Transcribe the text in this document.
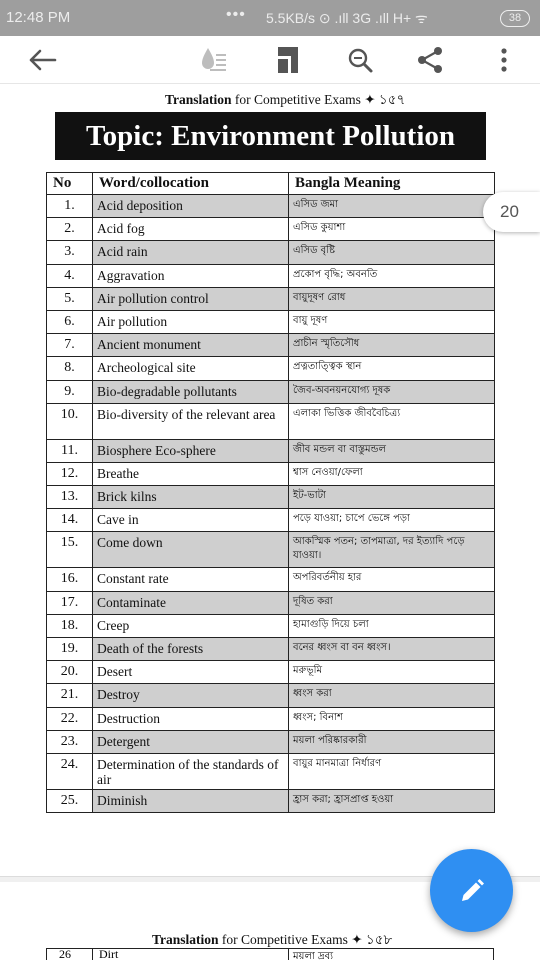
12:48 PM	••• 5.5KB/s ⊙ .ıll 3G .ıll H+ ᯤ	38
Translation for Competitive Exams ✦ ১৫৭
Topic: Environment Pollution
No	Word/collocation	Bangla Meaning
1.	Acid deposition	এসিড জমা
2.	Acid fog	এসিড কুয়াশা
3.	Acid rain	এসিড বৃষ্টি
4.	Aggravation	প্রকোপ বৃদ্ধি; অবনতি
5.	Air pollution control	বায়ুদূষণ রোধ
6.	Air pollution	বায়ু দূষণ
7.	Ancient monument	প্রাচীন স্মৃতিসৌধ
8.	Archeological site	প্রত্নতাত্ত্বিক স্থান
9.	Bio-degradable pollutants	জৈব-অবনয়নযোগ্য দূষক
10.	Bio-diversity of the relevant area	এলাকা ভিত্তিক জীববৈচিত্র্য
11.	Biosphere Eco-sphere	জীব মন্ডল বা বাস্তুমন্ডল
12.	Breathe	শ্বাস নেওয়া/ফেলা
13.	Brick kilns	ইট-ভাটা
14.	Cave in	পড়ে যাওয়া; চাপে ভেঙ্গে পড়া
15.	Come down	আকস্মিক পতন; তাপমাত্রা, দর ইত্যাদি পড়ে যাওয়া।
16.	Constant rate	অপরিবর্তনীয় হার
17.	Contaminate	দূষিত করা
18.	Creep	হামাগুড়ি দিয়ে চলা
19.	Death of the forests	বনের ধ্বংস বা বন ধ্বংস।
20.	Desert	মরুভূমি
21.	Destroy	ধ্বংস করা
22.	Destruction	ধ্বংস; বিনাশ
23.	Detergent	ময়লা পরিষ্কারকারী
24.	Determination of the standards of air	বায়ুর মানমাত্রা নির্ধারণ
25.	Diminish	হ্রাস করা; হ্রাসপ্রাপ্ত হওয়া
20
Translation for Competitive Exams ✦ ১৫৮
26 Dirt	ময়লা দ্রব্য
